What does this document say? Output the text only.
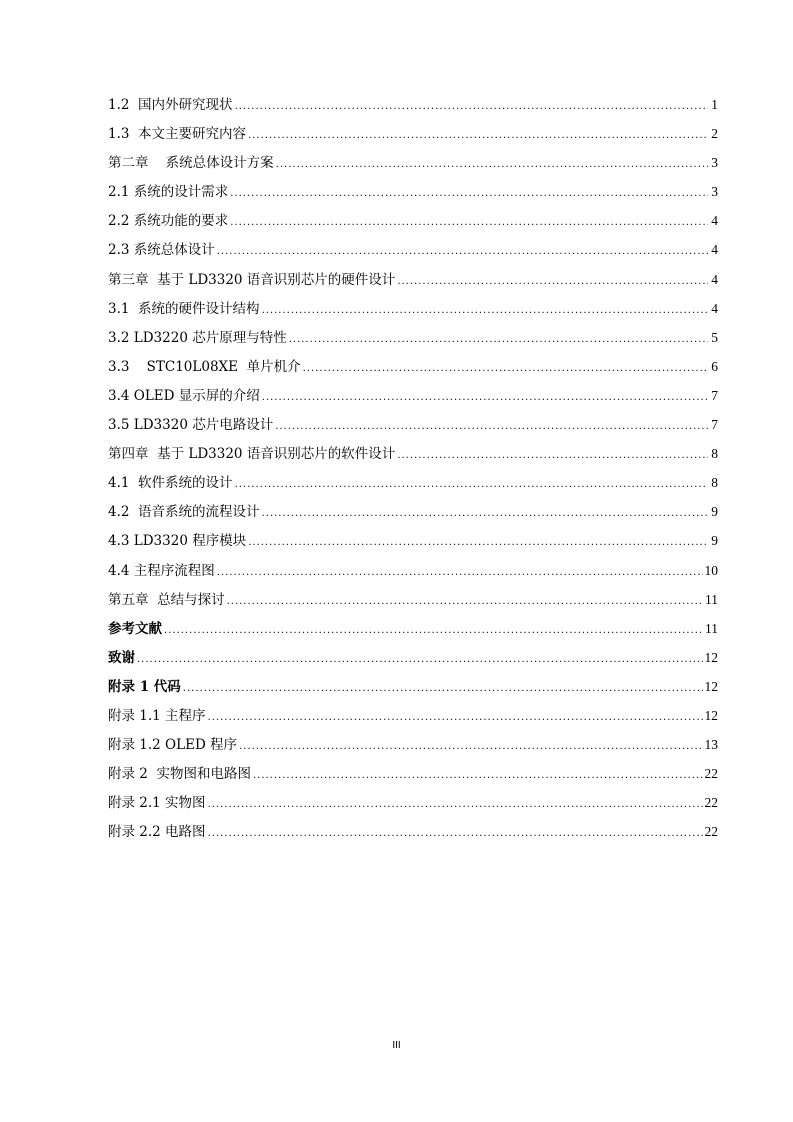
1.2  国内外研究现状 .....	1
1.3  本文主要研究内容 .....	2
第二章    系统总体设计方案 .....	3
2.1 系统的设计需求 .....	3
2.2 系统功能的要求 .....	4
2.3 系统总体设计 .....	4
第三章  基于 LD3320 语音识别芯片的硬件设计 .....	4
3.1  系统的硬件设计结构 .....	4
3.2 LD3220 芯片原理与特性 .....	5
3.3    STC10L08XE  单片机介 .....	6
3.4 OLED 显示屏的介绍 .....	7
3.5 LD3320 芯片电路设计 .....	7
第四章  基于 LD3320 语音识别芯片的软件设计 .....	8
4.1  软件系统的设计 .....	8
4.2  语音系统的流程设计 .....	9
4.3 LD3320 程序模块 .....	9
4.4 主程序流程图 .....	10
第五章  总结与探讨 .....	11
参考文献 .....	11
致谢 .....	12
附录 1 代码 .....	12
附录 1.1 主程序 .....	12
附录 1.2 OLED 程序 .....	13
附录 2  实物图和电路图 .....	22
附录 2.1 实物图 .....	22
附录 2.2 电路图 .....	22
III
